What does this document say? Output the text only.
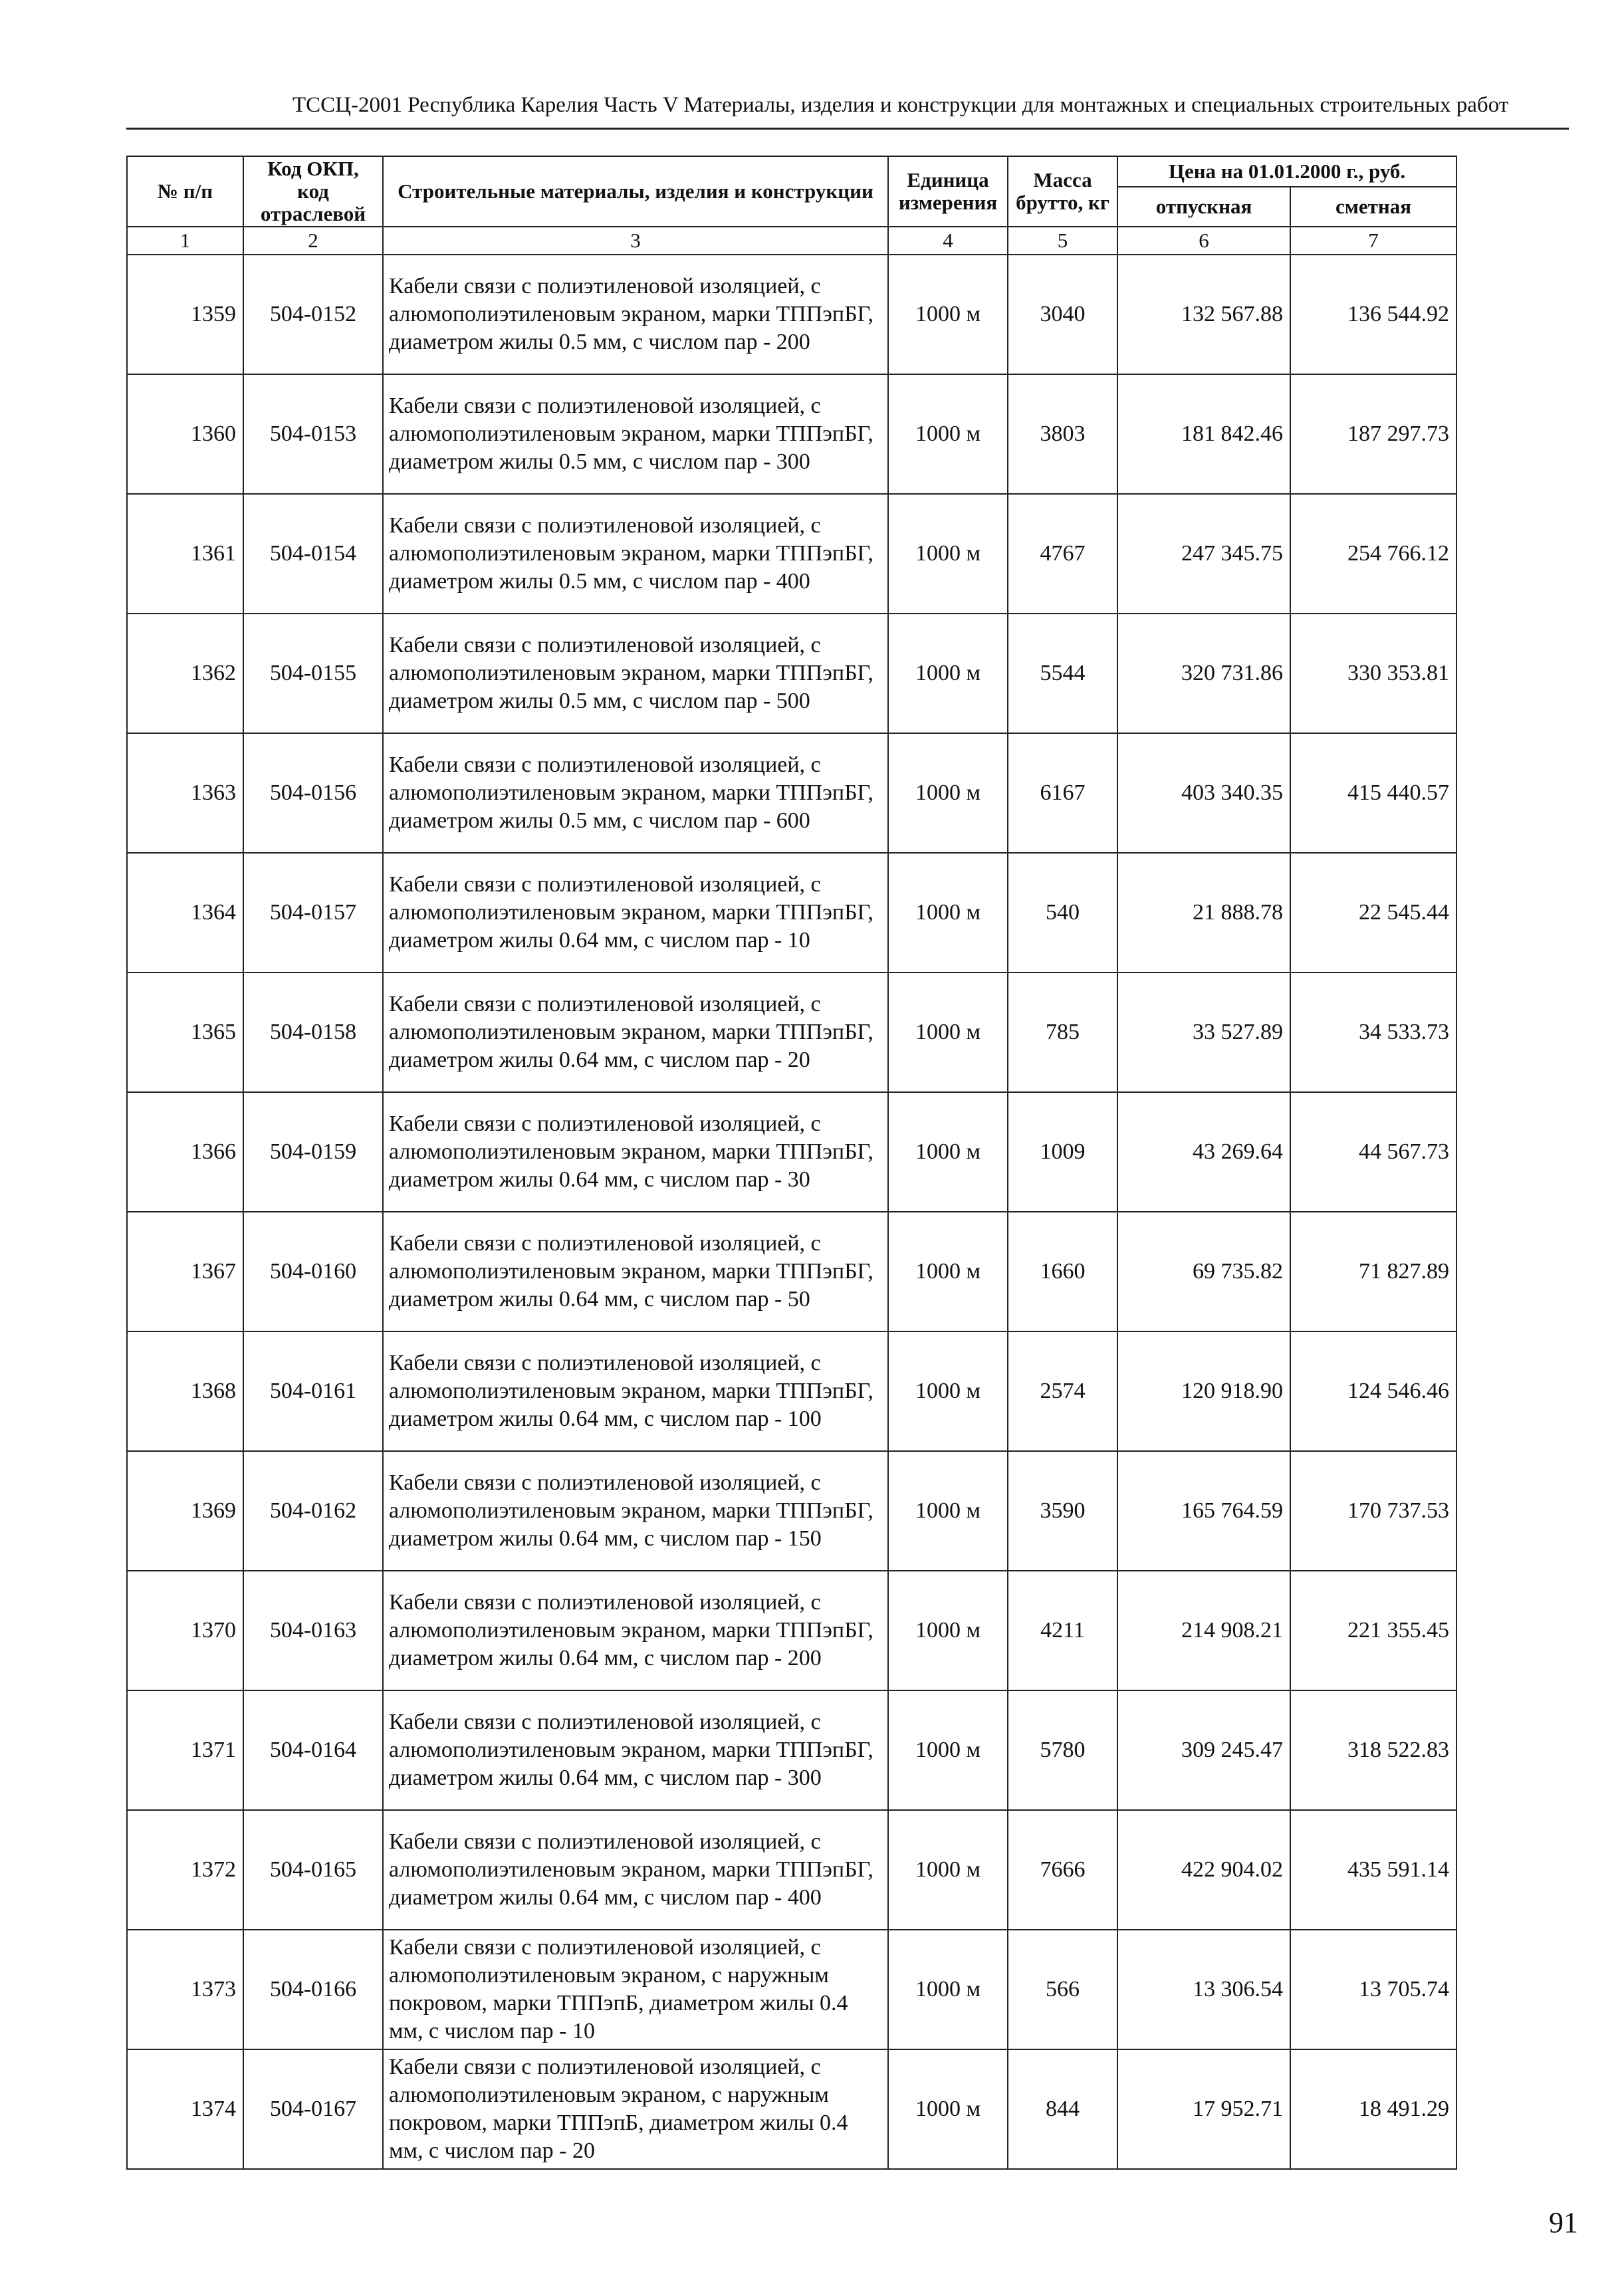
ТССЦ-2001 Республика Карелия Часть V Материалы, изделия и конструкции для монтажных и специальных строительных работ
№ п/п	Код ОКП, код отраслевой	Строительные материалы, изделия и конструкции	Единица измерения	Масса брутто, кг	Цена на 01.01.2000 г., руб.	
					отпускная	сметная
1	2	3	4	5	6	7
1359	504-0152	Кабели связи с полиэтиленовой изоляцией, с алюмополиэтиленовым экраном, марки ТППэпБГ, диаметром жилы 0.5 мм, с числом пар - 200	1000 м	3040	132 567.88	136 544.92
1360	504-0153	Кабели связи с полиэтиленовой изоляцией, с алюмополиэтиленовым экраном, марки ТППэпБГ, диаметром жилы 0.5 мм, с числом пар - 300	1000 м	3803	181 842.46	187 297.73
1361	504-0154	Кабели связи с полиэтиленовой изоляцией, с алюмополиэтиленовым экраном, марки ТППэпБГ, диаметром жилы 0.5 мм, с числом пар - 400	1000 м	4767	247 345.75	254 766.12
1362	504-0155	Кабели связи с полиэтиленовой изоляцией, с алюмополиэтиленовым экраном, марки ТППэпБГ, диаметром жилы 0.5 мм, с числом пар - 500	1000 м	5544	320 731.86	330 353.81
1363	504-0156	Кабели связи с полиэтиленовой изоляцией, с алюмополиэтиленовым экраном, марки ТППэпБГ, диаметром жилы 0.5 мм, с числом пар - 600	1000 м	6167	403 340.35	415 440.57
1364	504-0157	Кабели связи с полиэтиленовой изоляцией, с алюмополиэтиленовым экраном, марки ТППэпБГ, диаметром жилы 0.64 мм, с числом пар - 10	1000 м	540	21 888.78	22 545.44
1365	504-0158	Кабели связи с полиэтиленовой изоляцией, с алюмополиэтиленовым экраном, марки ТППэпБГ, диаметром жилы 0.64 мм, с числом пар - 20	1000 м	785	33 527.89	34 533.73
1366	504-0159	Кабели связи с полиэтиленовой изоляцией, с алюмополиэтиленовым экраном, марки ТППэпБГ, диаметром жилы 0.64 мм, с числом пар - 30	1000 м	1009	43 269.64	44 567.73
1367	504-0160	Кабели связи с полиэтиленовой изоляцией, с алюмополиэтиленовым экраном, марки ТППэпБГ, диаметром жилы 0.64 мм, с числом пар - 50	1000 м	1660	69 735.82	71 827.89
1368	504-0161	Кабели связи с полиэтиленовой изоляцией, с алюмополиэтиленовым экраном, марки ТППэпБГ, диаметром жилы 0.64 мм, с числом пар - 100	1000 м	2574	120 918.90	124 546.46
1369	504-0162	Кабели связи с полиэтиленовой изоляцией, с алюмополиэтиленовым экраном, марки ТППэпБГ, диаметром жилы 0.64 мм, с числом пар - 150	1000 м	3590	165 764.59	170 737.53
1370	504-0163	Кабели связи с полиэтиленовой изоляцией, с алюмополиэтиленовым экраном, марки ТППэпБГ, диаметром жилы 0.64 мм, с числом пар - 200	1000 м	4211	214 908.21	221 355.45
1371	504-0164	Кабели связи с полиэтиленовой изоляцией, с алюмополиэтиленовым экраном, марки ТППэпБГ, диаметром жилы 0.64 мм, с числом пар - 300	1000 м	5780	309 245.47	318 522.83
1372	504-0165	Кабели связи с полиэтиленовой изоляцией, с алюмополиэтиленовым экраном, марки ТППэпБГ, диаметром жилы 0.64 мм, с числом пар - 400	1000 м	7666	422 904.02	435 591.14
1373	504-0166	Кабели связи с полиэтиленовой изоляцией, с алюмополиэтиленовым экраном, с наружным покровом, марки ТППэпБ, диаметром жилы 0.4 мм, с числом пар - 10	1000 м	566	13 306.54	13 705.74
1374	504-0167	Кабели связи с полиэтиленовой изоляцией, с алюмополиэтиленовым экраном, с наружным покровом, марки ТППэпБ, диаметром жилы 0.4 мм, с числом пар - 20	1000 м	844	17 952.71	18 491.29
91
